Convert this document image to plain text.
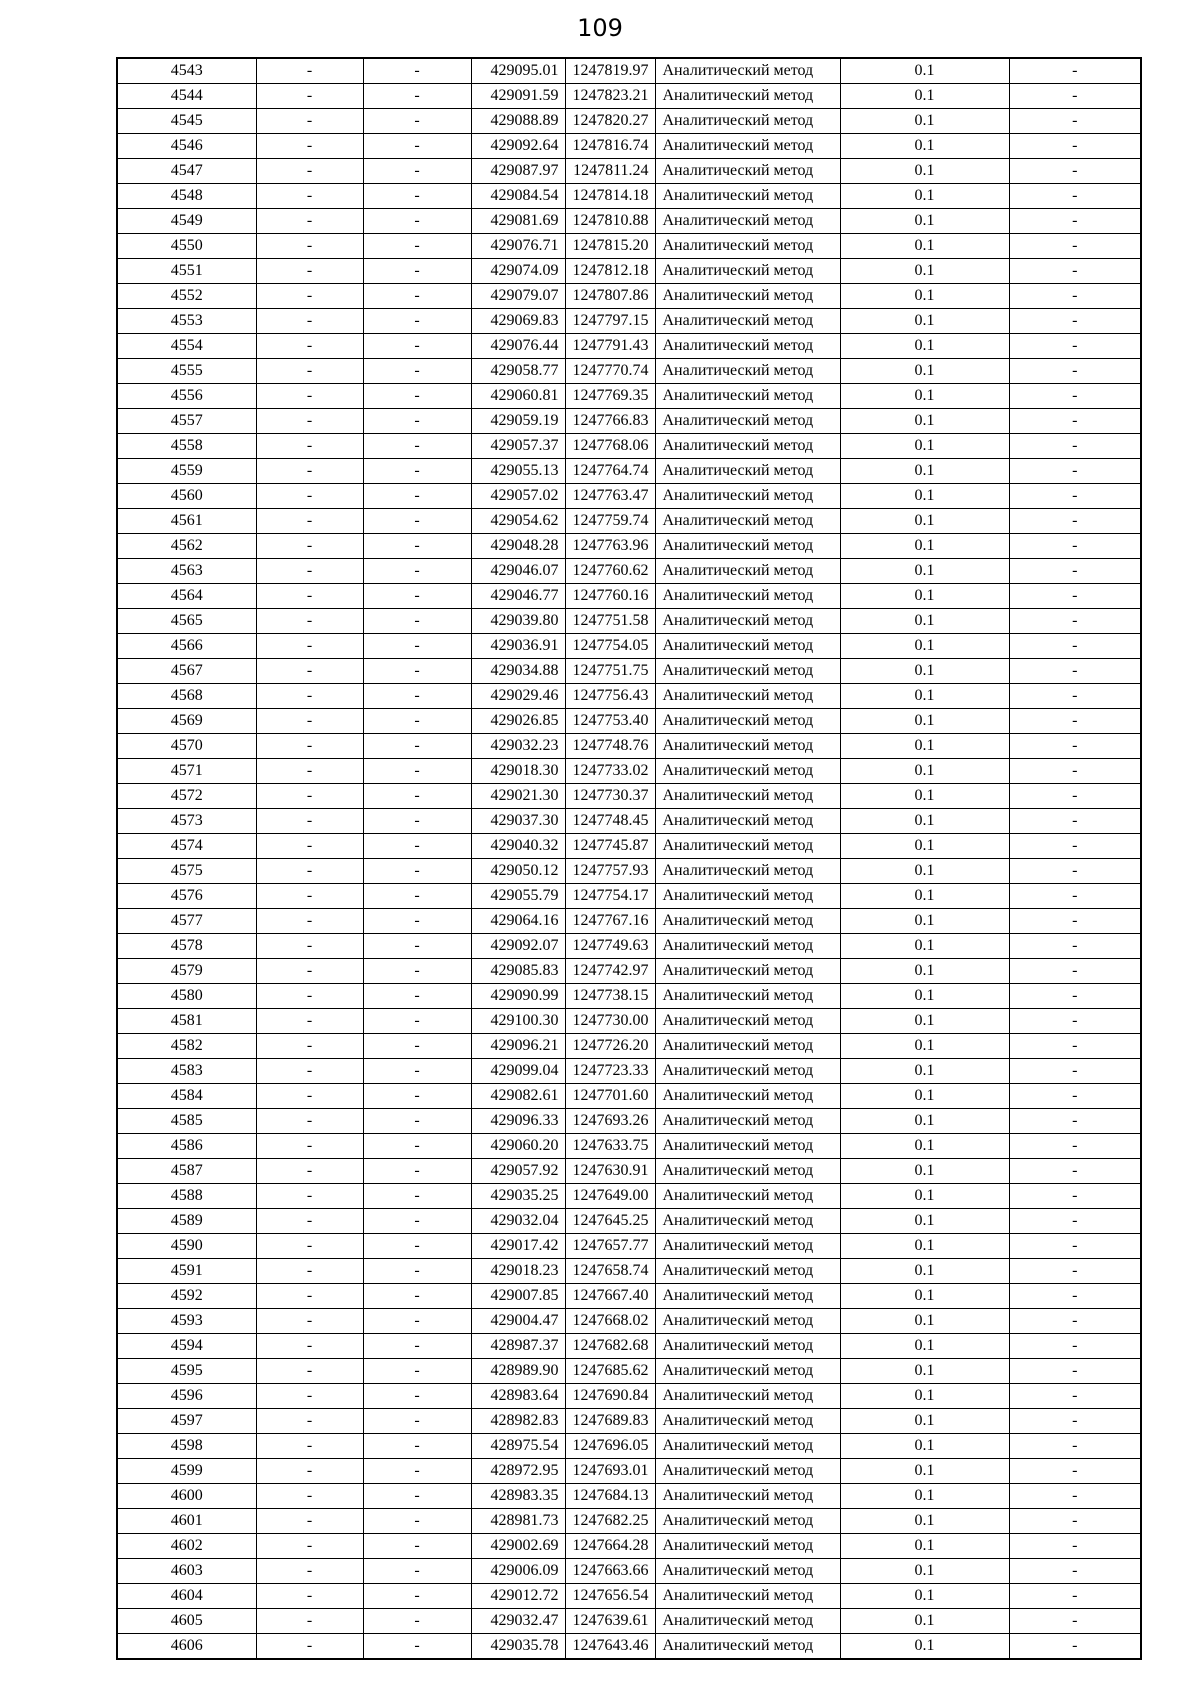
109
4543	-	-	429095.01	1247819.97	Аналитический метод	0.1	-
4544	-	-	429091.59	1247823.21	Аналитический метод	0.1	-
4545	-	-	429088.89	1247820.27	Аналитический метод	0.1	-
4546	-	-	429092.64	1247816.74	Аналитический метод	0.1	-
4547	-	-	429087.97	1247811.24	Аналитический метод	0.1	-
4548	-	-	429084.54	1247814.18	Аналитический метод	0.1	-
4549	-	-	429081.69	1247810.88	Аналитический метод	0.1	-
4550	-	-	429076.71	1247815.20	Аналитический метод	0.1	-
4551	-	-	429074.09	1247812.18	Аналитический метод	0.1	-
4552	-	-	429079.07	1247807.86	Аналитический метод	0.1	-
4553	-	-	429069.83	1247797.15	Аналитический метод	0.1	-
4554	-	-	429076.44	1247791.43	Аналитический метод	0.1	-
4555	-	-	429058.77	1247770.74	Аналитический метод	0.1	-
4556	-	-	429060.81	1247769.35	Аналитический метод	0.1	-
4557	-	-	429059.19	1247766.83	Аналитический метод	0.1	-
4558	-	-	429057.37	1247768.06	Аналитический метод	0.1	-
4559	-	-	429055.13	1247764.74	Аналитический метод	0.1	-
4560	-	-	429057.02	1247763.47	Аналитический метод	0.1	-
4561	-	-	429054.62	1247759.74	Аналитический метод	0.1	-
4562	-	-	429048.28	1247763.96	Аналитический метод	0.1	-
4563	-	-	429046.07	1247760.62	Аналитический метод	0.1	-
4564	-	-	429046.77	1247760.16	Аналитический метод	0.1	-
4565	-	-	429039.80	1247751.58	Аналитический метод	0.1	-
4566	-	-	429036.91	1247754.05	Аналитический метод	0.1	-
4567	-	-	429034.88	1247751.75	Аналитический метод	0.1	-
4568	-	-	429029.46	1247756.43	Аналитический метод	0.1	-
4569	-	-	429026.85	1247753.40	Аналитический метод	0.1	-
4570	-	-	429032.23	1247748.76	Аналитический метод	0.1	-
4571	-	-	429018.30	1247733.02	Аналитический метод	0.1	-
4572	-	-	429021.30	1247730.37	Аналитический метод	0.1	-
4573	-	-	429037.30	1247748.45	Аналитический метод	0.1	-
4574	-	-	429040.32	1247745.87	Аналитический метод	0.1	-
4575	-	-	429050.12	1247757.93	Аналитический метод	0.1	-
4576	-	-	429055.79	1247754.17	Аналитический метод	0.1	-
4577	-	-	429064.16	1247767.16	Аналитический метод	0.1	-
4578	-	-	429092.07	1247749.63	Аналитический метод	0.1	-
4579	-	-	429085.83	1247742.97	Аналитический метод	0.1	-
4580	-	-	429090.99	1247738.15	Аналитический метод	0.1	-
4581	-	-	429100.30	1247730.00	Аналитический метод	0.1	-
4582	-	-	429096.21	1247726.20	Аналитический метод	0.1	-
4583	-	-	429099.04	1247723.33	Аналитический метод	0.1	-
4584	-	-	429082.61	1247701.60	Аналитический метод	0.1	-
4585	-	-	429096.33	1247693.26	Аналитический метод	0.1	-
4586	-	-	429060.20	1247633.75	Аналитический метод	0.1	-
4587	-	-	429057.92	1247630.91	Аналитический метод	0.1	-
4588	-	-	429035.25	1247649.00	Аналитический метод	0.1	-
4589	-	-	429032.04	1247645.25	Аналитический метод	0.1	-
4590	-	-	429017.42	1247657.77	Аналитический метод	0.1	-
4591	-	-	429018.23	1247658.74	Аналитический метод	0.1	-
4592	-	-	429007.85	1247667.40	Аналитический метод	0.1	-
4593	-	-	429004.47	1247668.02	Аналитический метод	0.1	-
4594	-	-	428987.37	1247682.68	Аналитический метод	0.1	-
4595	-	-	428989.90	1247685.62	Аналитический метод	0.1	-
4596	-	-	428983.64	1247690.84	Аналитический метод	0.1	-
4597	-	-	428982.83	1247689.83	Аналитический метод	0.1	-
4598	-	-	428975.54	1247696.05	Аналитический метод	0.1	-
4599	-	-	428972.95	1247693.01	Аналитический метод	0.1	-
4600	-	-	428983.35	1247684.13	Аналитический метод	0.1	-
4601	-	-	428981.73	1247682.25	Аналитический метод	0.1	-
4602	-	-	429002.69	1247664.28	Аналитический метод	0.1	-
4603	-	-	429006.09	1247663.66	Аналитический метод	0.1	-
4604	-	-	429012.72	1247656.54	Аналитический метод	0.1	-
4605	-	-	429032.47	1247639.61	Аналитический метод	0.1	-
4606	-	-	429035.78	1247643.46	Аналитический метод	0.1	-
